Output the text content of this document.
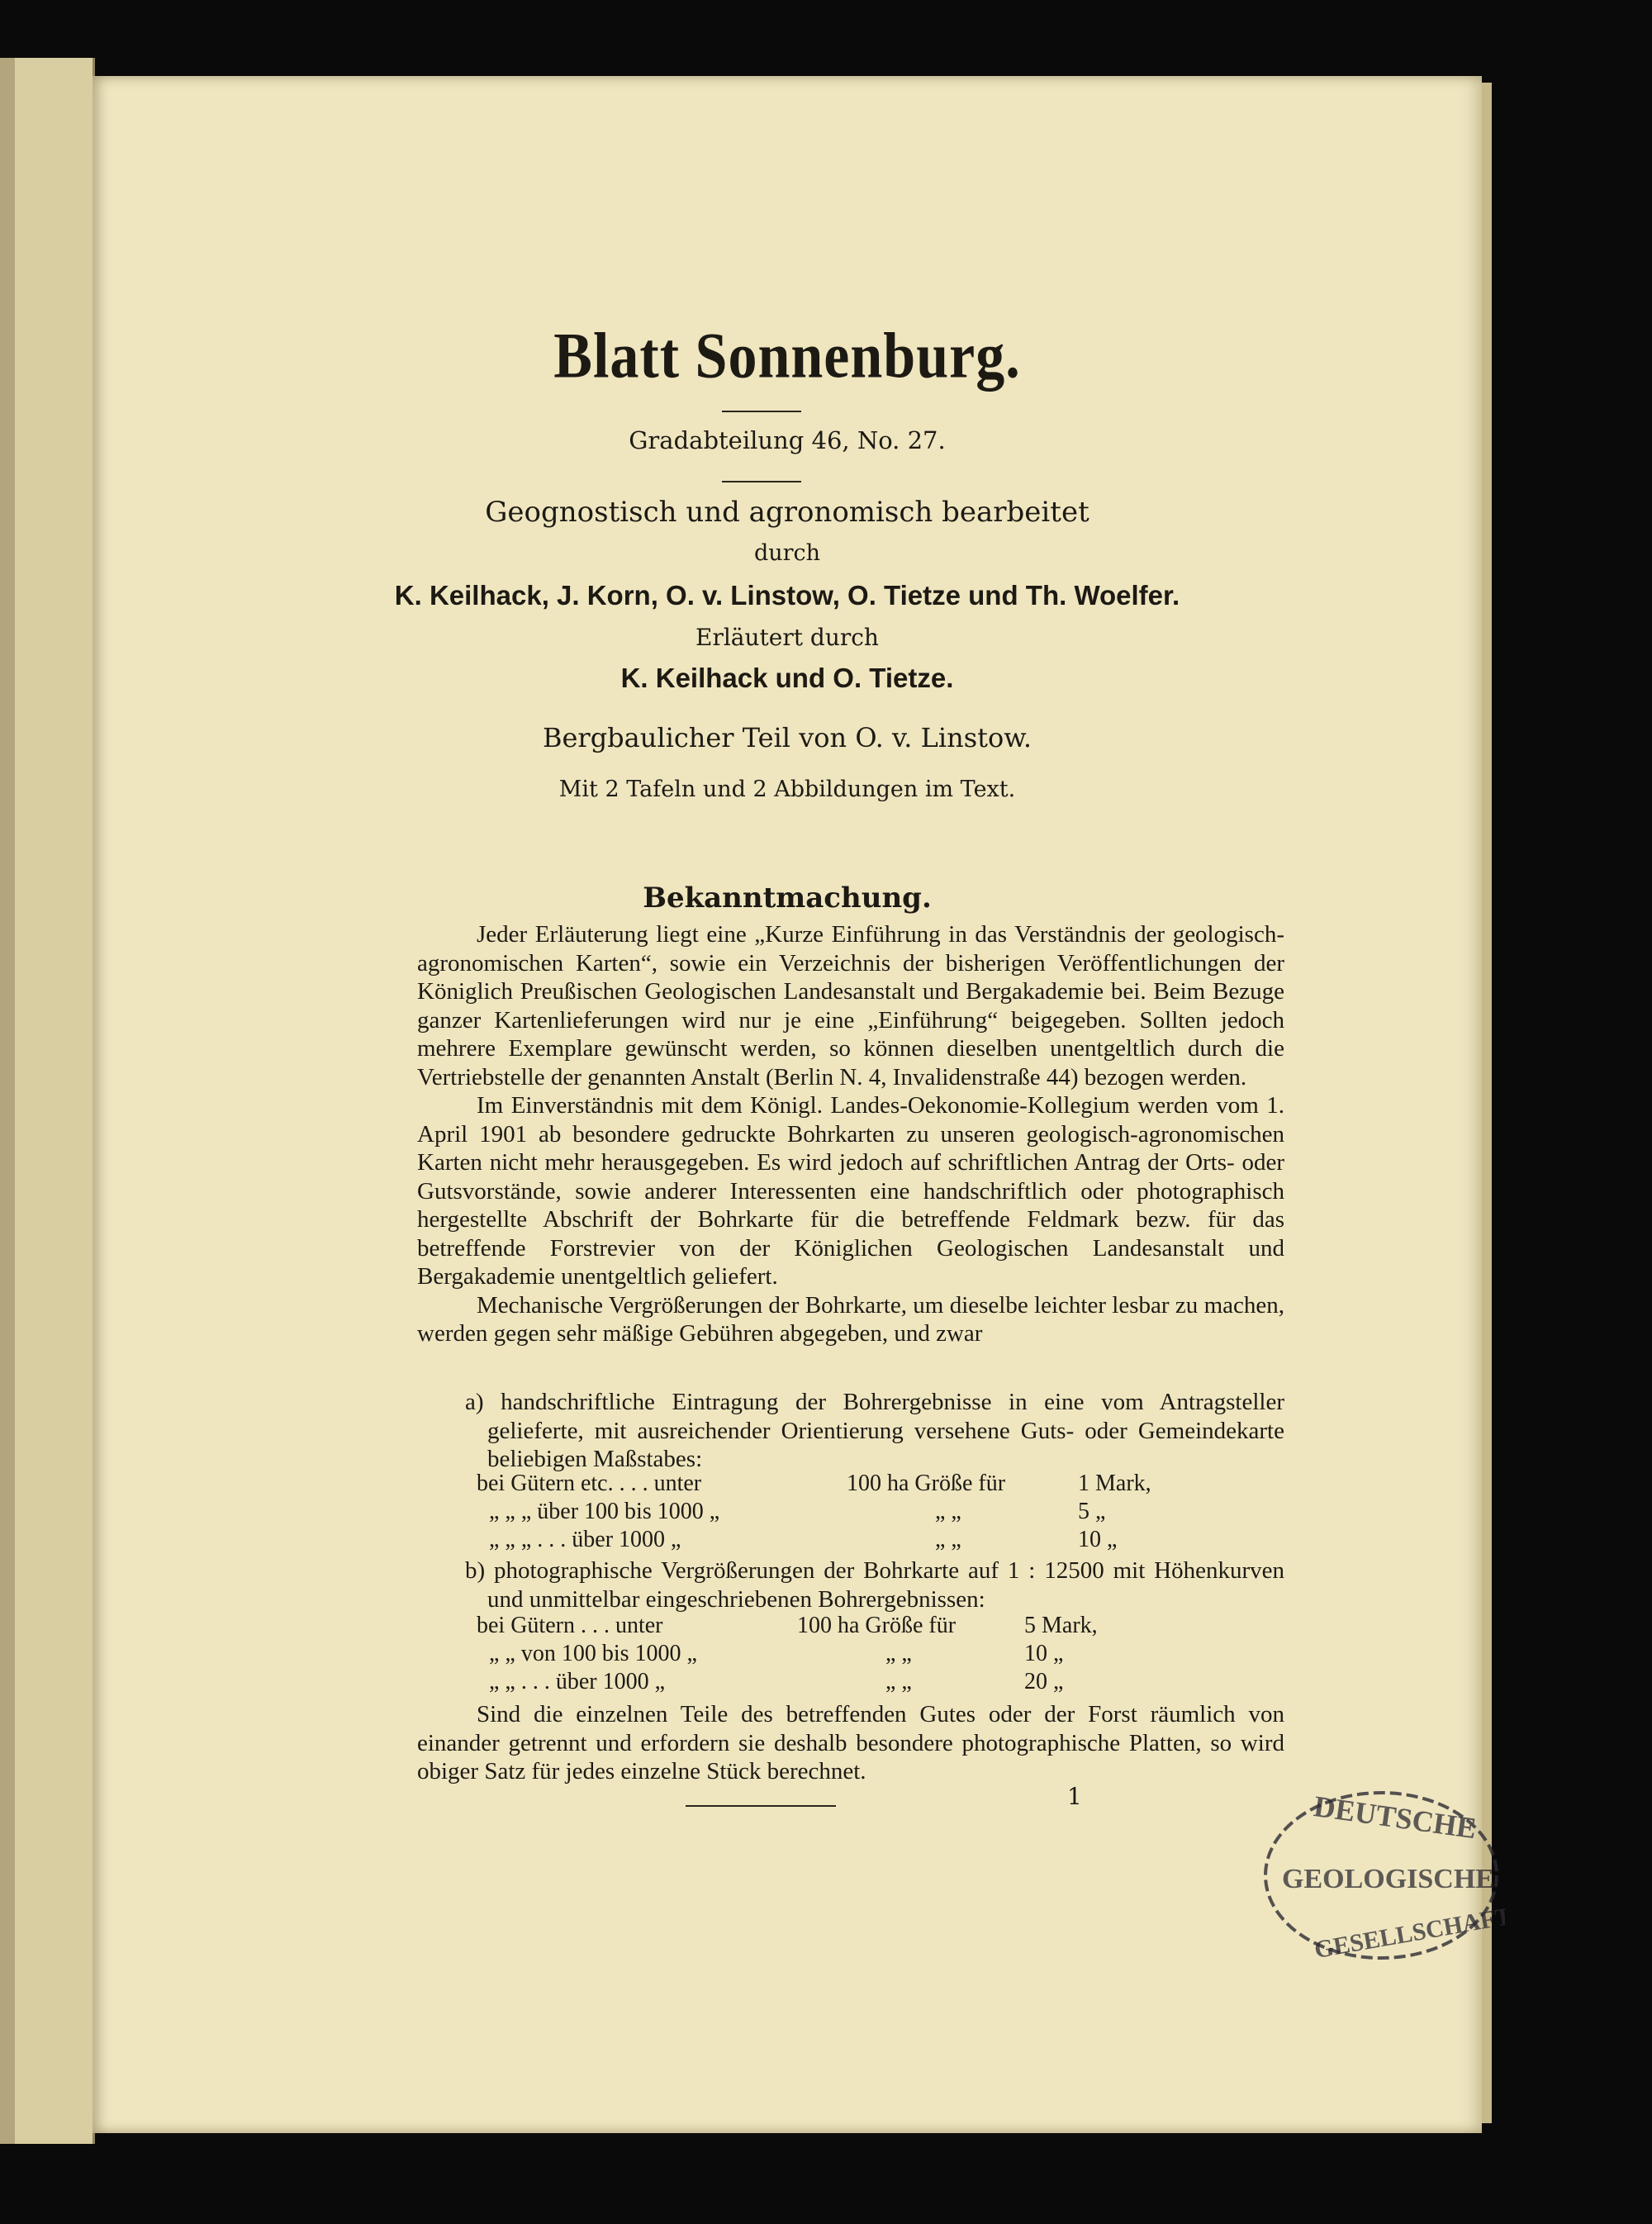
Blatt Sonnenburg.
Gradabteilung 46, No. 27.
Geognostisch und agronomisch bearbeitet
durch
K. Keilhack, J. Korn, O. v. Linstow, O. Tietze und Th. Woelfer.
Erläutert durch
K. Keilhack und O. Tietze.
Bergbaulicher Teil von O. v. Linstow.
Mit 2 Tafeln und 2 Abbildungen im Text.
Bekanntmachung.

Jeder Erläuterung liegt eine „Kurze Einführung in das Verständnis der geologisch-agronomischen Karten“, sowie ein Verzeichnis der bisherigen Veröffentlichungen der Königlich Preußischen Geologischen Landesanstalt und Bergakademie bei. Beim Bezuge ganzer Kartenlieferungen wird nur je eine „Einführung“ beigegeben. Sollten jedoch mehrere Exemplare gewünscht werden, so können dieselben unentgeltlich durch die Vertriebstelle der genannten Anstalt (Berlin N. 4, Invalidenstraße 44) bezogen werden.

Im Einverständnis mit dem Königl. Landes-Oekonomie-Kollegium werden vom 1. April 1901 ab besondere gedruckte Bohrkarten zu unseren geologisch-agronomischen Karten nicht mehr herausgegeben. Es wird jedoch auf schriftlichen Antrag der Orts- oder Gutsvorstände, sowie anderer Interessenten eine handschriftlich oder photographisch hergestellte Abschrift der Bohrkarte für die betreffende Feldmark bezw. für das betreffende Forstrevier von der Königlichen Geologischen Landesanstalt und Bergakademie unentgeltlich geliefert.

Mechanische Vergrößerungen der Bohrkarte, um dieselbe leichter lesbar zu machen, werden gegen sehr mäßige Gebühren abgegeben, und zwar

a) handschriftliche Eintragung der Bohrergebnisse in eine vom Antragsteller gelieferte, mit ausreichender Orientierung versehene Guts- oder Gemeindekarte beliebigen Maßstabes:

bei Gütern etc. . . . unter	100 ha Größe für	1 Mark,
„ „ „ über 100 bis 1000 „	„ „	5 „
„ „ „ . . . über 1000 „	„ „	10 „

b) photographische Vergrößerungen der Bohrkarte auf 1 : 12500 mit Höhenkurven und unmittelbar eingeschriebenen Bohrergebnissen:

bei Gütern . . . unter	100 ha Größe für	5 Mark,
„ „ von 100 bis 1000 „	„ „	10 „
„ „ . . . über 1000 „	„ „	20 „

Sind die einzelnen Teile des betreffenden Gutes oder der Forst räumlich von einander getrennt und erfordern sie deshalb besondere photographische Platten, so wird obiger Satz für jedes einzelne Stück berechnet.

1	DEUTSCHE
GEOLOGISCHE
GESELLSCHAFT
